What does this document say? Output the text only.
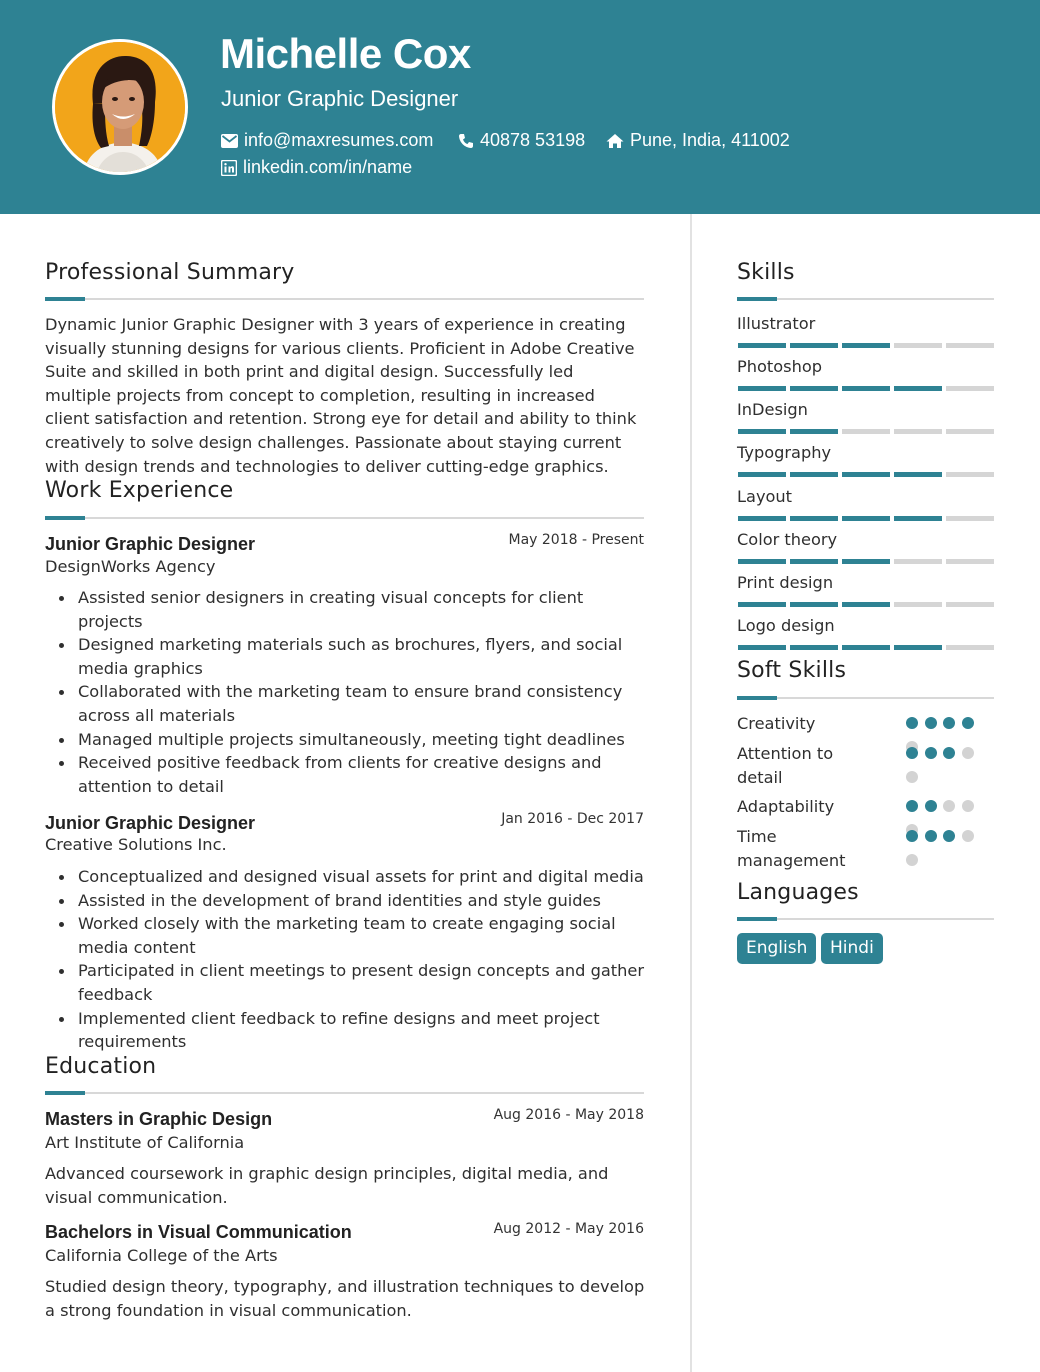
Michelle Cox
Junior Graphic Designer
info@maxresumes.com	40878 53198 Pune, India, 411002
linkedin.com/in/name
Professional Summary
Dynamic Junior Graphic Designer with 3 years of experience in creating visually stunning designs for various clients. Proficient in Adobe Creative Suite and skilled in both print and digital design. Successfully led multiple projects from concept to completion, resulting in increased client satisfaction and retention. Strong eye for detail and ability to think creatively to solve design challenges. Passionate about staying current with design trends and technologies to deliver cutting-edge graphics.
Work Experience
Junior Graphic Designer	May 2018 - Present
DesignWorks Agency
Assisted senior designers in creating visual concepts for client projects
Designed marketing materials such as brochures, flyers, and social media graphics
Collaborated with the marketing team to ensure brand consistency across all materials
Managed multiple projects simultaneously, meeting tight deadlines
Received positive feedback from clients for creative designs and attention to detail
Junior Graphic Designer	Jan 2016 - Dec 2017
Creative Solutions Inc.
Conceptualized and designed visual assets for print and digital media
Assisted in the development of brand identities and style guides
Worked closely with the marketing team to create engaging social media content
Participated in client meetings to present design concepts and gather feedback
Implemented client feedback to refine designs and meet project requirements
Education
Masters in Graphic Design	Aug 2016 - May 2018
Art Institute of California
Advanced coursework in graphic design principles, digital media, and visual communication.
Bachelors in Visual Communication	Aug 2012 - May 2016
California College of the Arts
Studied design theory, typography, and illustration techniques to develop a strong foundation in visual communication.
Skills
Illustrator
Photoshop
InDesign
Typography
Layout
Color theory
Print design
Logo design
Soft Skills
Creativity
Attention to detail
Adaptability
Time management
Languages
English	Hindi
